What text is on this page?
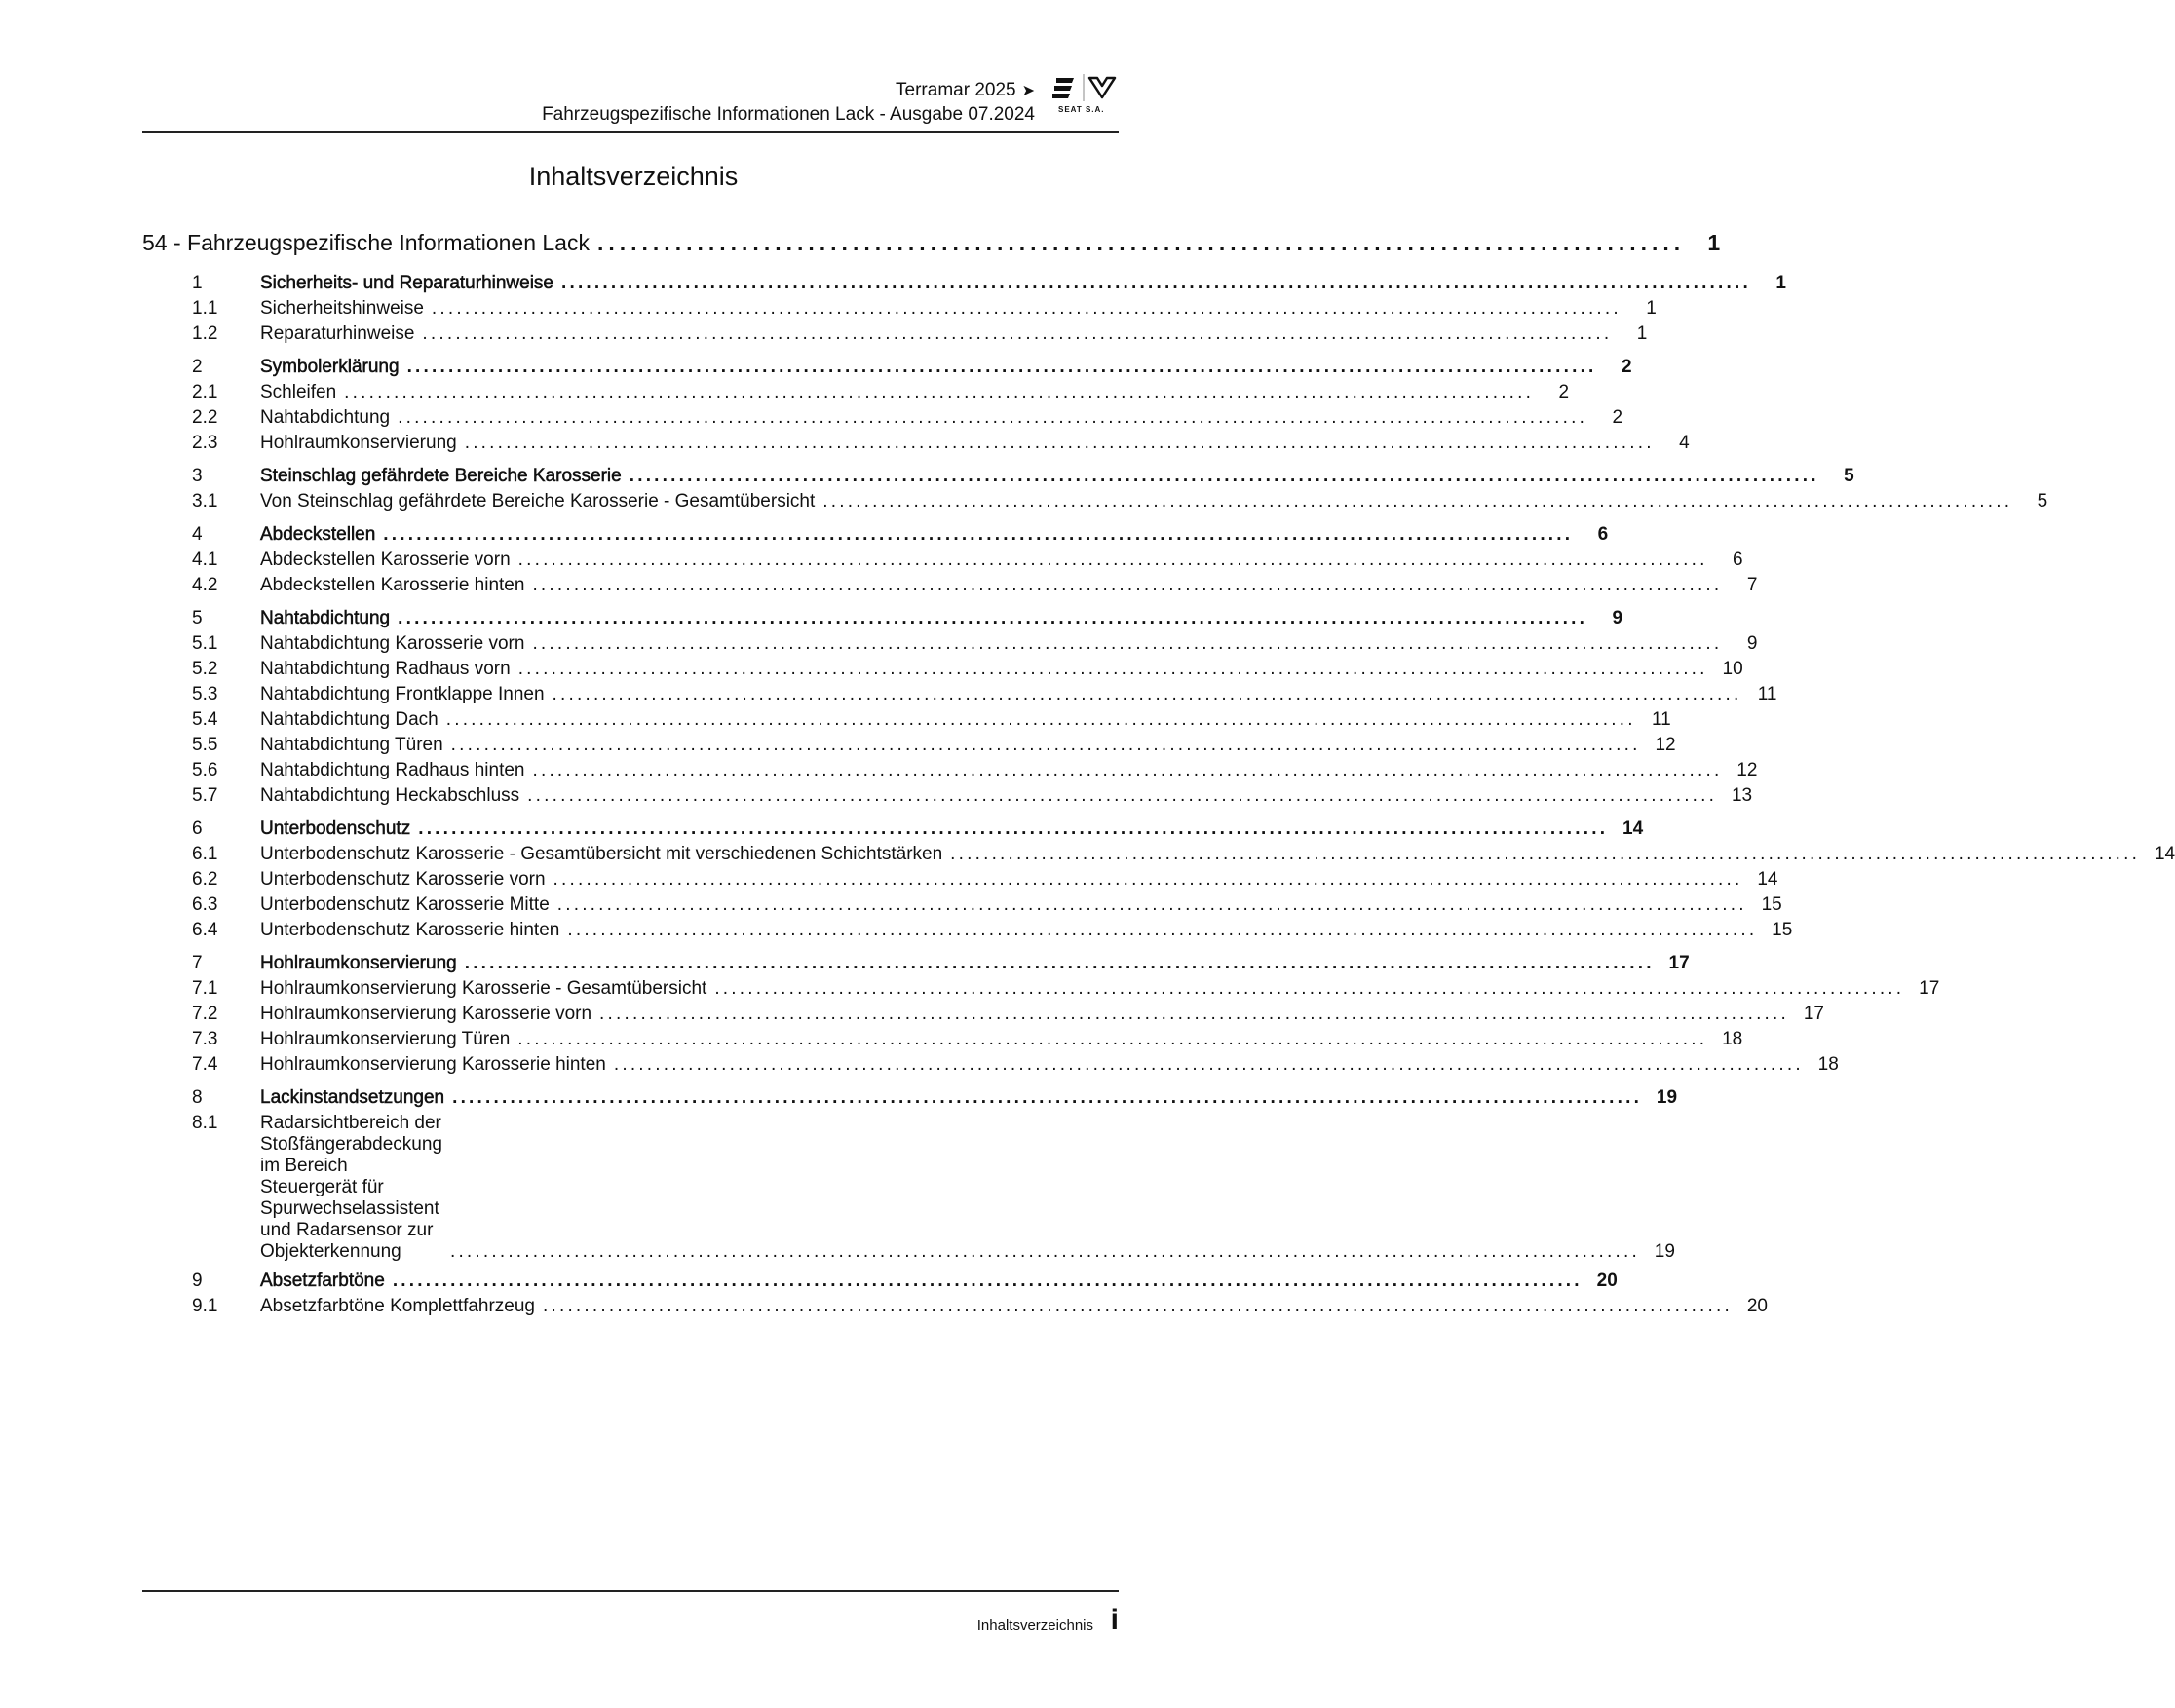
Terramar 2025 ➤
Fahrzeugspezifische Informationen Lack - Ausgabe 07.2024	SEAT S.A.
Inhaltsverzeichnis
54 - Fahrzeugspezifische Informationen Lack ..................................................................................................	1
1	Sicherheits- und Reparaturhinweise ................................................................................................................................................	1
1.1	Sicherheitshinweise ................................................................................................................................................	1
1.2	Reparaturhinweise ................................................................................................................................................	1
2	Symbolerklärung ................................................................................................................................................	2
2.1	Schleifen ................................................................................................................................................	2
2.2	Nahtabdichtung ................................................................................................................................................	2
2.3	Hohlraumkonservierung ................................................................................................................................................	4
3	Steinschlag gefährdete Bereiche Karosserie ................................................................................................................................................	5
3.1	Von Steinschlag gefährdete Bereiche Karosserie - Gesamtübersicht ................................................................................................................................................	5
4	Abdeckstellen ................................................................................................................................................	6
4.1	Abdeckstellen Karosserie vorn ................................................................................................................................................	6
4.2	Abdeckstellen Karosserie hinten ................................................................................................................................................	7
5	Nahtabdichtung ................................................................................................................................................	9
5.1	Nahtabdichtung Karosserie vorn ................................................................................................................................................	9
5.2	Nahtabdichtung Radhaus vorn ................................................................................................................................................ 10
5.3	Nahtabdichtung Frontklappe Innen ................................................................................................................................................ 11
5.4	Nahtabdichtung Dach ................................................................................................................................................ 11
5.5	Nahtabdichtung Türen ................................................................................................................................................ 12
5.6	Nahtabdichtung Radhaus hinten ................................................................................................................................................ 12
5.7	Nahtabdichtung Heckabschluss ................................................................................................................................................ 13
6	Unterbodenschutz ................................................................................................................................................ 14
6.1	Unterbodenschutz Karosserie - Gesamtübersicht mit verschiedenen Schichtstärken ................................................................................................................................................ 14
6.2	Unterbodenschutz Karosserie vorn ................................................................................................................................................ 14
6.3	Unterbodenschutz Karosserie Mitte ................................................................................................................................................ 15
6.4	Unterbodenschutz Karosserie hinten ................................................................................................................................................ 15
7	Hohlraumkonservierung ................................................................................................................................................ 17
7.1	Hohlraumkonservierung Karosserie - Gesamtübersicht ................................................................................................................................................ 17
7.2	Hohlraumkonservierung Karosserie vorn ................................................................................................................................................ 17
7.3	Hohlraumkonservierung Türen ................................................................................................................................................ 18
7.4	Hohlraumkonservierung Karosserie hinten ................................................................................................................................................ 18
8	Lackinstandsetzungen ................................................................................................................................................ 19
8.1	Radarsichtbereich der Stoßfängerabdeckung im Bereich Steuergerät für Spurwechselassistent und Radarsensor zur Objekterkennung	................................................................................................................................................ 19
9	Absetzfarbtöne ................................................................................................................................................ 20
9.1	Absetzfarbtöne Komplettfahrzeug ................................................................................................................................................ 20
Inhaltsverzeichnis i
